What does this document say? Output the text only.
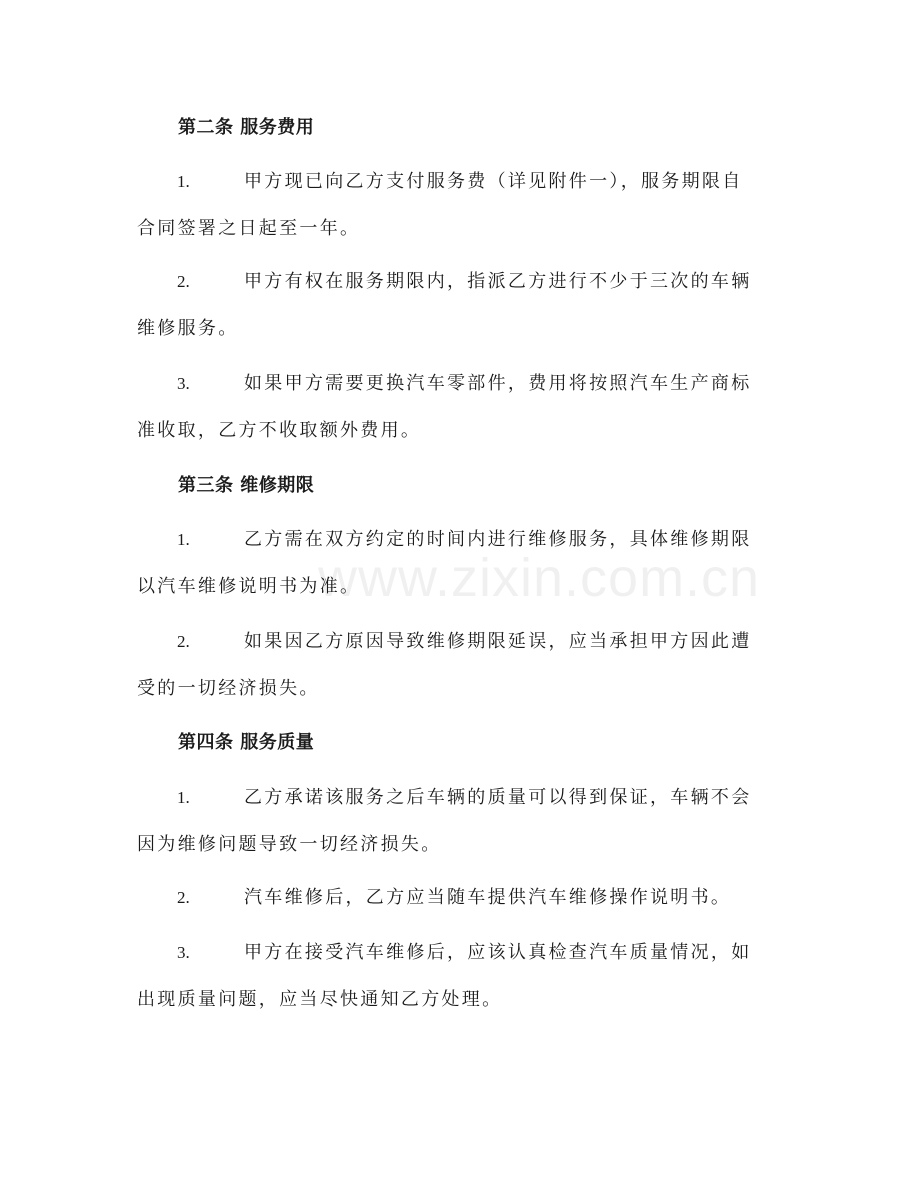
www.zixin.com.cn
第二条 服务费用
1.	甲方现已向乙方支付服务费（详见附件一），服务期限自
合同签署之日起至一年。
2.	甲方有权在服务期限内，指派乙方进行不少于三次的车辆
维修服务。
3.	如果甲方需要更换汽车零部件，费用将按照汽车生产商标
准收取，乙方不收取额外费用。
第三条 维修期限
1.	乙方需在双方约定的时间内进行维修服务，具体维修期限
以汽车维修说明书为准。
2.	如果因乙方原因导致维修期限延误，应当承担甲方因此遭
受的一切经济损失。
第四条 服务质量
1.	乙方承诺该服务之后车辆的质量可以得到保证，车辆不会
因为维修问题导致一切经济损失。
2.	汽车维修后，乙方应当随车提供汽车维修操作说明书。
3.	甲方在接受汽车维修后，应该认真检查汽车质量情况，如
出现质量问题，应当尽快通知乙方处理。
